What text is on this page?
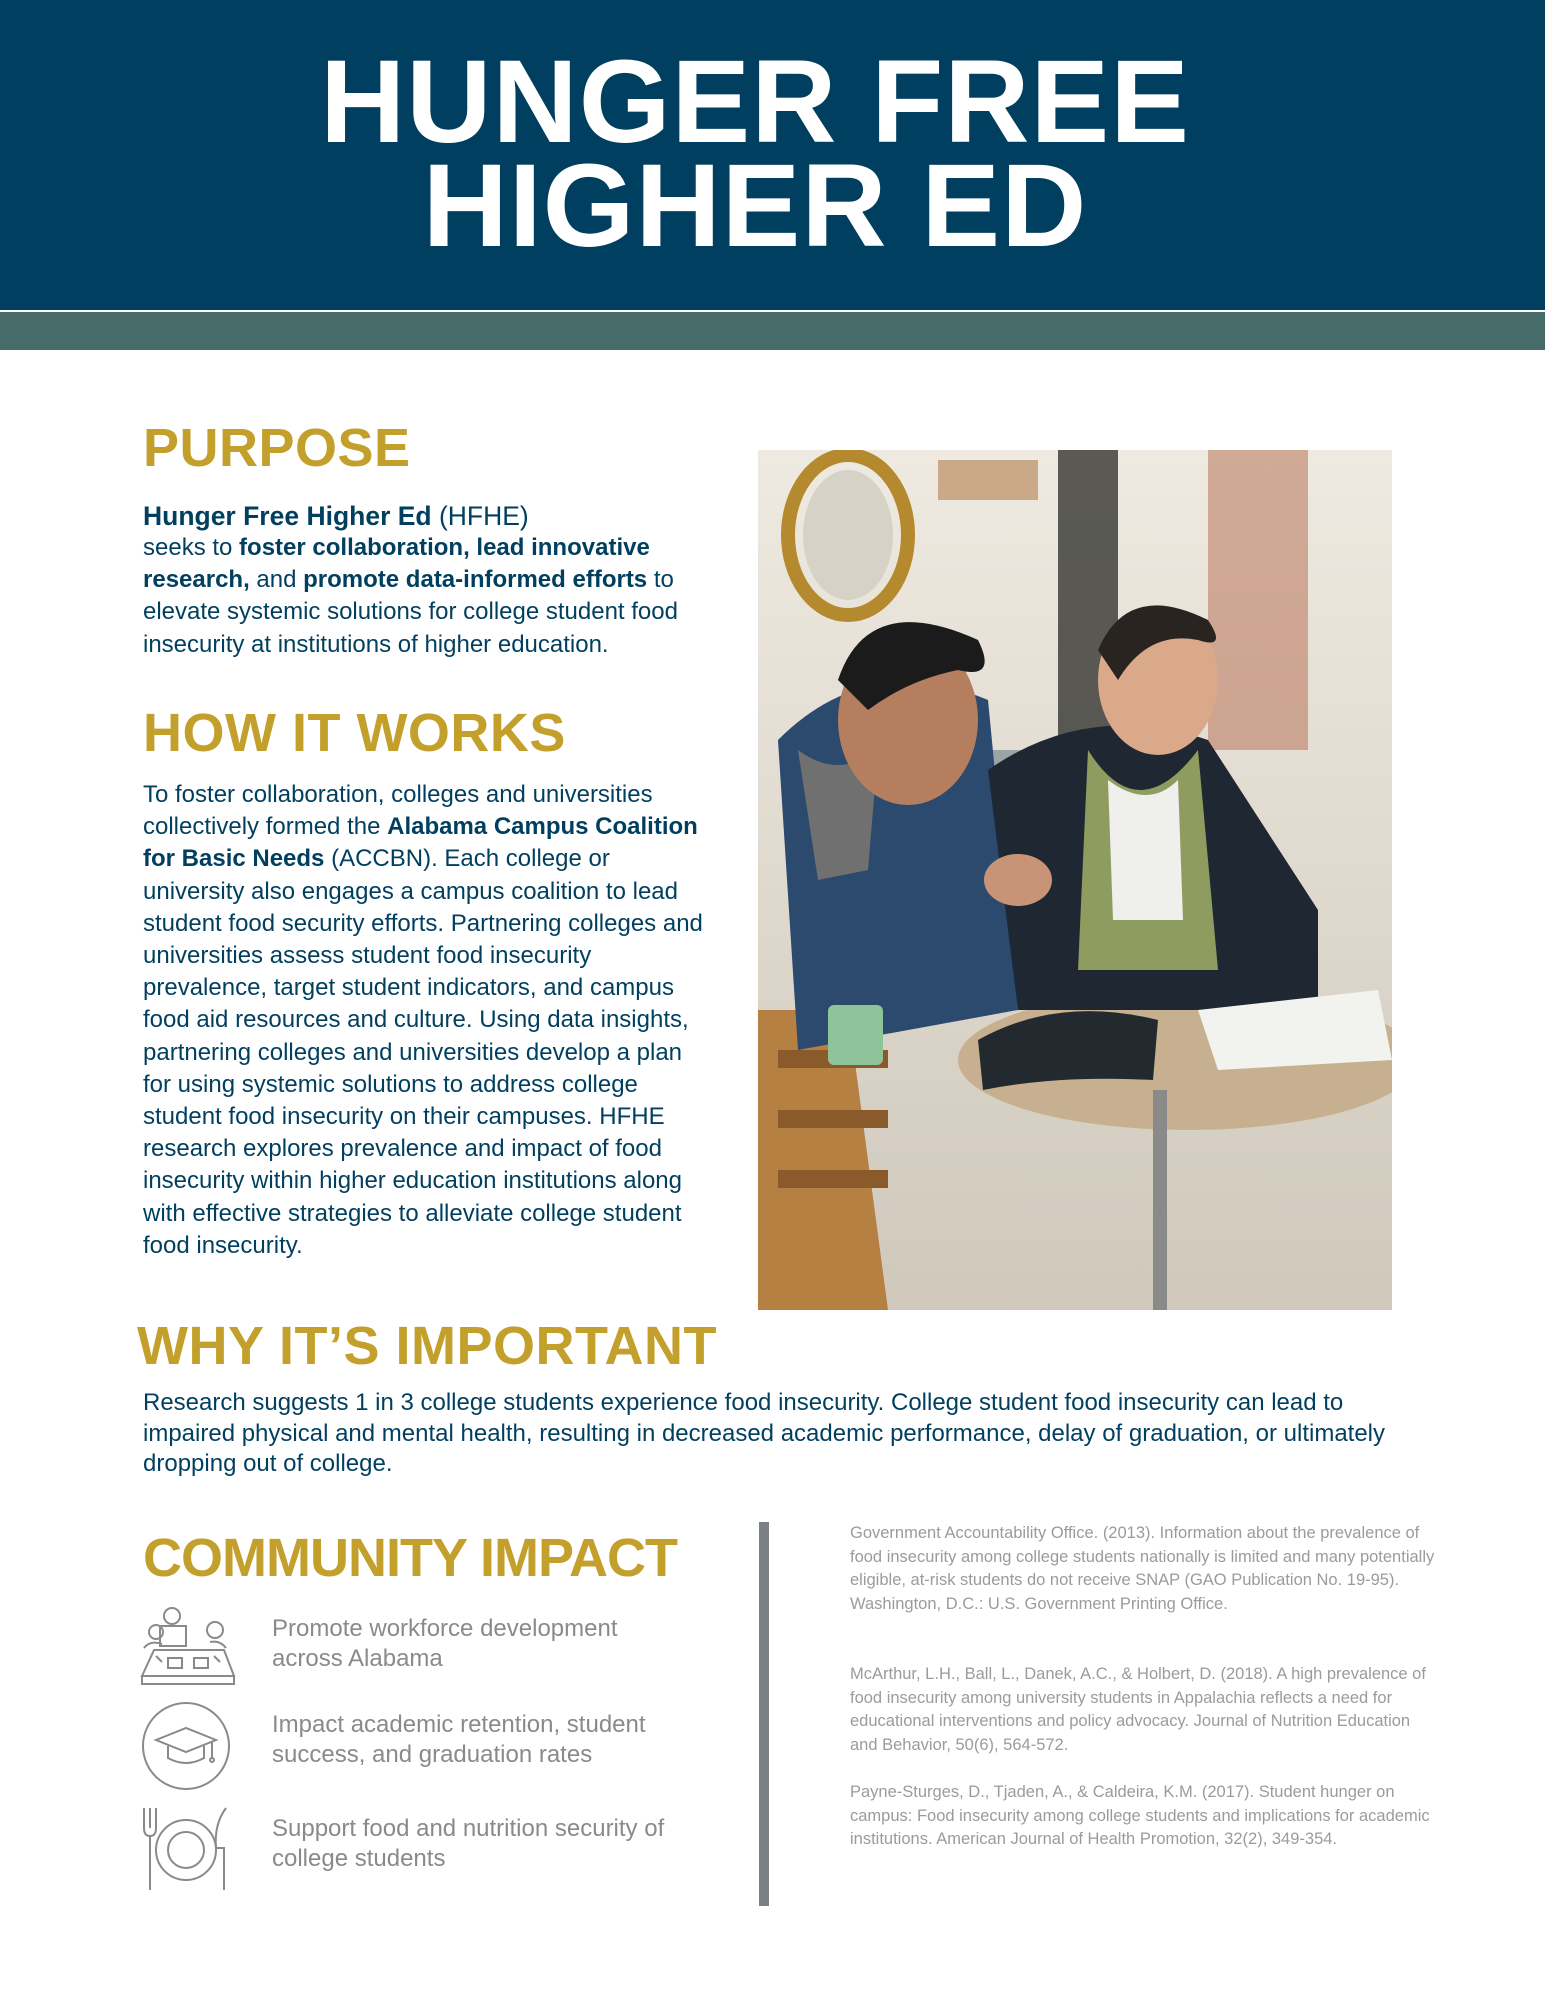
HUNGER FREE
HIGHER ED
PURPOSE

Hunger Free Higher Ed (HFHE)
seeks to foster collaboration, lead innovative research, and promote data-informed efforts to elevate systemic solutions for college student food insecurity at institutions of higher education.

HOW IT WORKS

To foster collaboration, colleges and universities collectively formed the Alabama Campus Coalition for Basic Needs (ACCBN). Each college or university also engages a campus coalition to lead student food security efforts. Partnering colleges and universities assess student food insecurity prevalence, target student indicators, and campus food aid resources and culture. Using data insights, partnering colleges and universities develop a plan for using systemic solutions to address college student food insecurity on their campuses. HFHE research explores prevalence and impact of food insecurity within higher education institutions along with effective strategies to alleviate college student food insecurity.

WHY IT’S IMPORTANT

Research suggests 1 in 3 college students experience food insecurity. College student food insecurity can lead to impaired physical and mental health, resulting in decreased academic performance, delay of graduation, or ultimately dropping out of college.

COMMUNITY IMPACT
Promote workforce development across Alabama
Impact academic retention, student success, and graduation rates
Support food and nutrition security of college students

Government Accountability Office. (2013). Information about the prevalence of food insecurity among college students nationally is limited and many potentially eligible, at-risk students do not receive SNAP (GAO Publication No. 19-95). Washington, D.C.: U.S. Government Printing Office.

McArthur, L.H., Ball, L., Danek, A.C., & Holbert, D. (2018). A high prevalence of food insecurity among university students in Appalachia reflects a need for educational interventions and policy advocacy. Journal of Nutrition Education and Behavior, 50(6), 564-572.

Payne-Sturges, D., Tjaden, A., & Caldeira, K.M. (2017). Student hunger on campus: Food insecurity among college students and implications for academic institutions. American Journal of Health Promotion, 32(2), 349-354.
